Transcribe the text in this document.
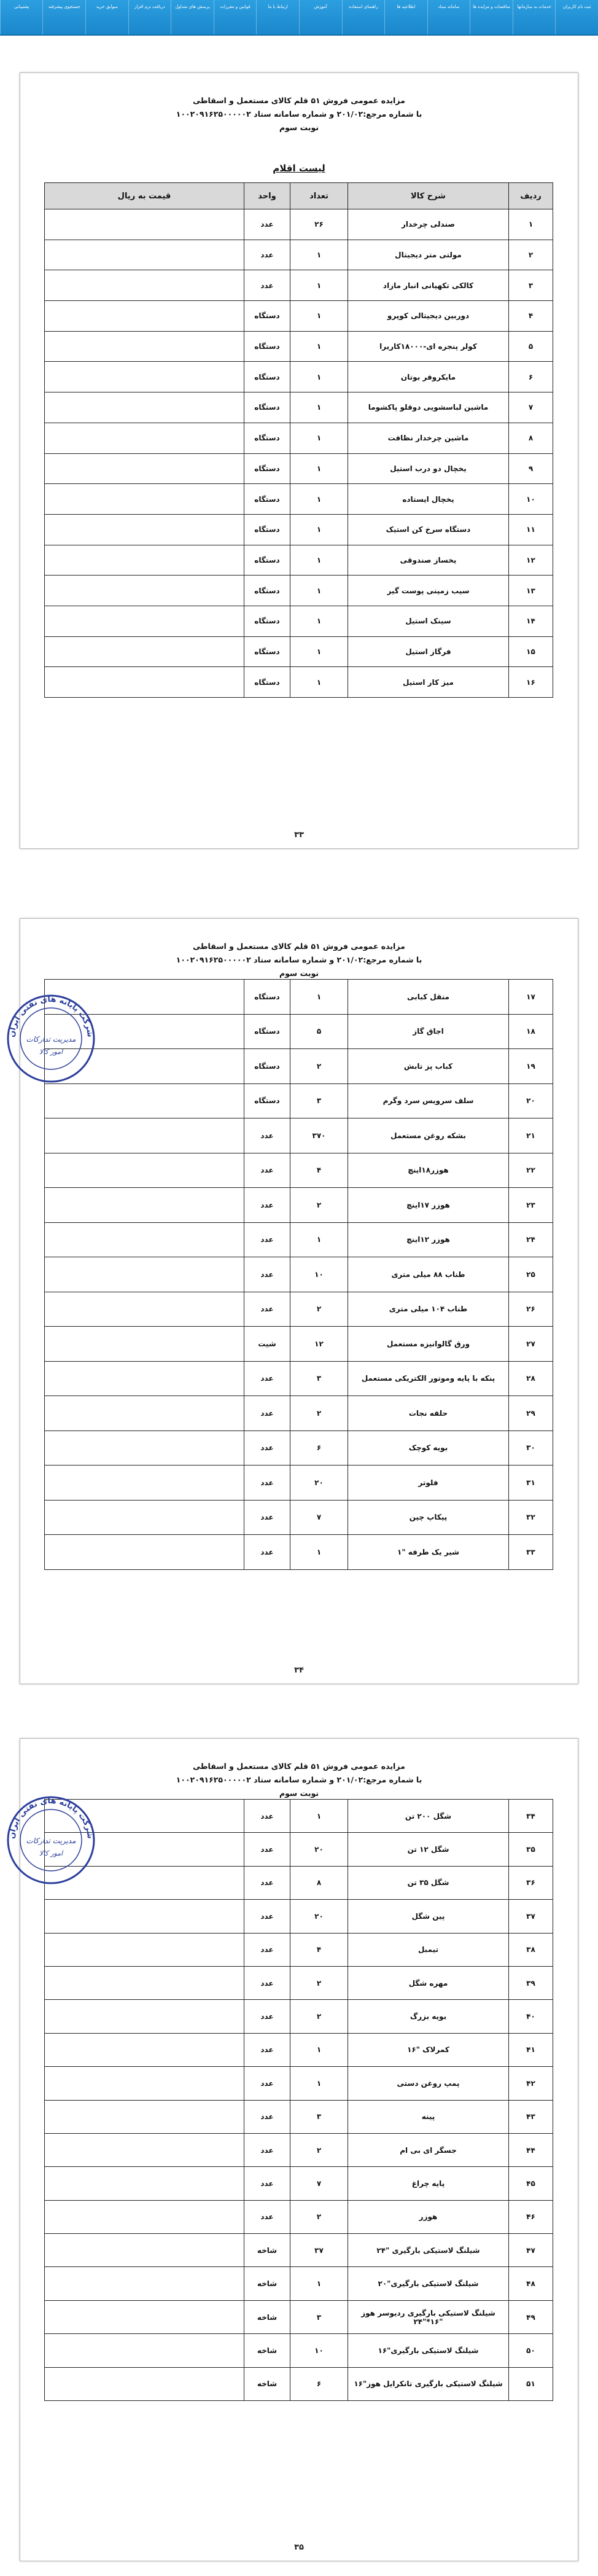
ثبت نام کاربران
خدمات به سازمانها
مناقصات و مزایده ها
سامانه ستاد
اطلاعیه ها
راهنمای استفاده
آموزش
ارتباط با ما
قوانین و مقررات
پرسش های متداول
دریافت نرم افزار
سوابق خرید
جستجوی پیشرفته
پشتیبانی
مزایده عمومی فروش ۵۱ قلم کالای مستعمل و اسقاطی
با شماره مرجع:۲۰۱/۰۲ و شماره سامانه ستاد ۱۰۰۲۰۹۱۶۲۵۰۰۰۰۰۲
نوبت سوم
لیست اقلام
ردیف	شرح کالا	تعداد	واحد	قیمت به ریال
۱	صندلی چرخدار	۲۶	عدد	
۲	مولتی متر دیجیتال	۱	عدد	
۳	کالکی تکهیانی انبار مازاد	۱	عدد	
۴	دوربین دیجیتالی کوپرو	۱	دستگاه	
۵	کولر پنجره ای-۱۸۰۰۰کاریرا	۱	دستگاه	
۶	مایکروفر بوتان	۱	دستگاه	
۷	ماشین لباسشویی دوقلو پاکشوما	۱	دستگاه	
۸	ماشین چرخدار نظافت	۱	دستگاه	
۹	یخچال دو درب استیل	۱	دستگاه	
۱۰	یخچال ایستاده	۱	دستگاه	
۱۱	دستگاه سرخ کن استیک	۱	دستگاه	
۱۲	یخساز صندوقی	۱	دستگاه	
۱۳	سیب زمینی پوست گیر	۱	دستگاه	
۱۴	سینک استیل	۱	دستگاه	
۱۵	فرگاز استیل	۱	دستگاه	
۱۶	میز کار استیل	۱	دستگاه	
۳۳
مزایده عمومی فروش ۵۱ قلم کالای مستعمل و اسقاطی
با شماره مرجع:۲۰۱/۰۲ و شماره سامانه ستاد ۱۰۰۲۰۹۱۶۲۵۰۰۰۰۰۲
نوبت سوم
۱۷	منقل کبابی	۱	دستگاه	
۱۸	اجاق گاز	۵	دستگاه	
۱۹	کباب پز تابش	۲	دستگاه	
۲۰	سلف سرویس سرد وگرم	۳	دستگاه	
۲۱	بشکه روغن مستعمل	۳۷۰	عدد	
۲۲	هوزر۱۸اینچ	۴	عدد	
۲۳	هوزر ۱۷اینچ	۲	عدد	
۲۴	هوزر ۱۲اینچ	۱	عدد	
۲۵	طناب ۸۸ میلی متری	۱۰	عدد	
۲۶	طناب ۱۰۴ میلی متری	۲	عدد	
۲۷	ورق گالوانیزه مستعمل	۱۲	شیت	
۲۸	پنکه با پایه وموتور الکتریکی مستعمل	۳	عدد	
۲۹	حلقه نجات	۲	عدد	
۳۰	بویه کوچک	۶	عدد	
۳۱	فلوتر	۲۰	عدد	
۳۲	پیکاپ چین	۷	عدد	
۳۳	شیر یک طرفه "۱	۱	عدد	
۳۴
شرکت پایانه های نفتی ایران
مدیریت تدارکات
امور کالا
مزایده عمومی فروش ۵۱ قلم کالای مستعمل و اسقاطی
با شماره مرجع:۲۰۱/۰۲ و شماره سامانه ستاد ۱۰۰۲۰۹۱۶۲۵۰۰۰۰۰۲
نوبت سوم
۳۴	شگل ۲۰۰ تن	۱	عدد	
۳۵	شگل ۱۲ تن	۲۰	عدد	
۳۶	شگل ۳۵ تن	۸	عدد	
۳۷	پین شگل	۲۰	عدد	
۳۸	تیمبل	۴	عدد	
۳۹	مهره شگل	۲	عدد	
۴۰	بویه بزرگ	۲	عدد	
۴۱	کمرلاک "۱۶	۱	عدد	
۴۲	پمپ روغن دستی	۱	عدد	
۴۳	پینه	۳	عدد	
۴۴	جسگر ای بی ام	۲	عدد	
۴۵	پایه چراغ	۷	عدد	
۴۶	هوزر	۲	عدد	
۴۷	شیلنگ لاستیکی بارگیری "۲۴	۳۷	شاخه	
۴۸	شیلنگ لاستیکی بارگیری"۲۰	۱	شاخه	
۴۹	شیلنگ لاستیکی بارگیری ردیوسر هوز "۱۶*"۲۴	۳	شاخه	
۵۰	شیلنگ لاستیکی بارگیری"۱۶	۱۰	شاخه	
۵۱	شیلنگ لاستیکی بارگیری تانکرایل هوز"۱۶	۶	شاخه	
۳۵
شرکت پایانه های نفتی ایران
مدیریت تدارکات
امور کالا
